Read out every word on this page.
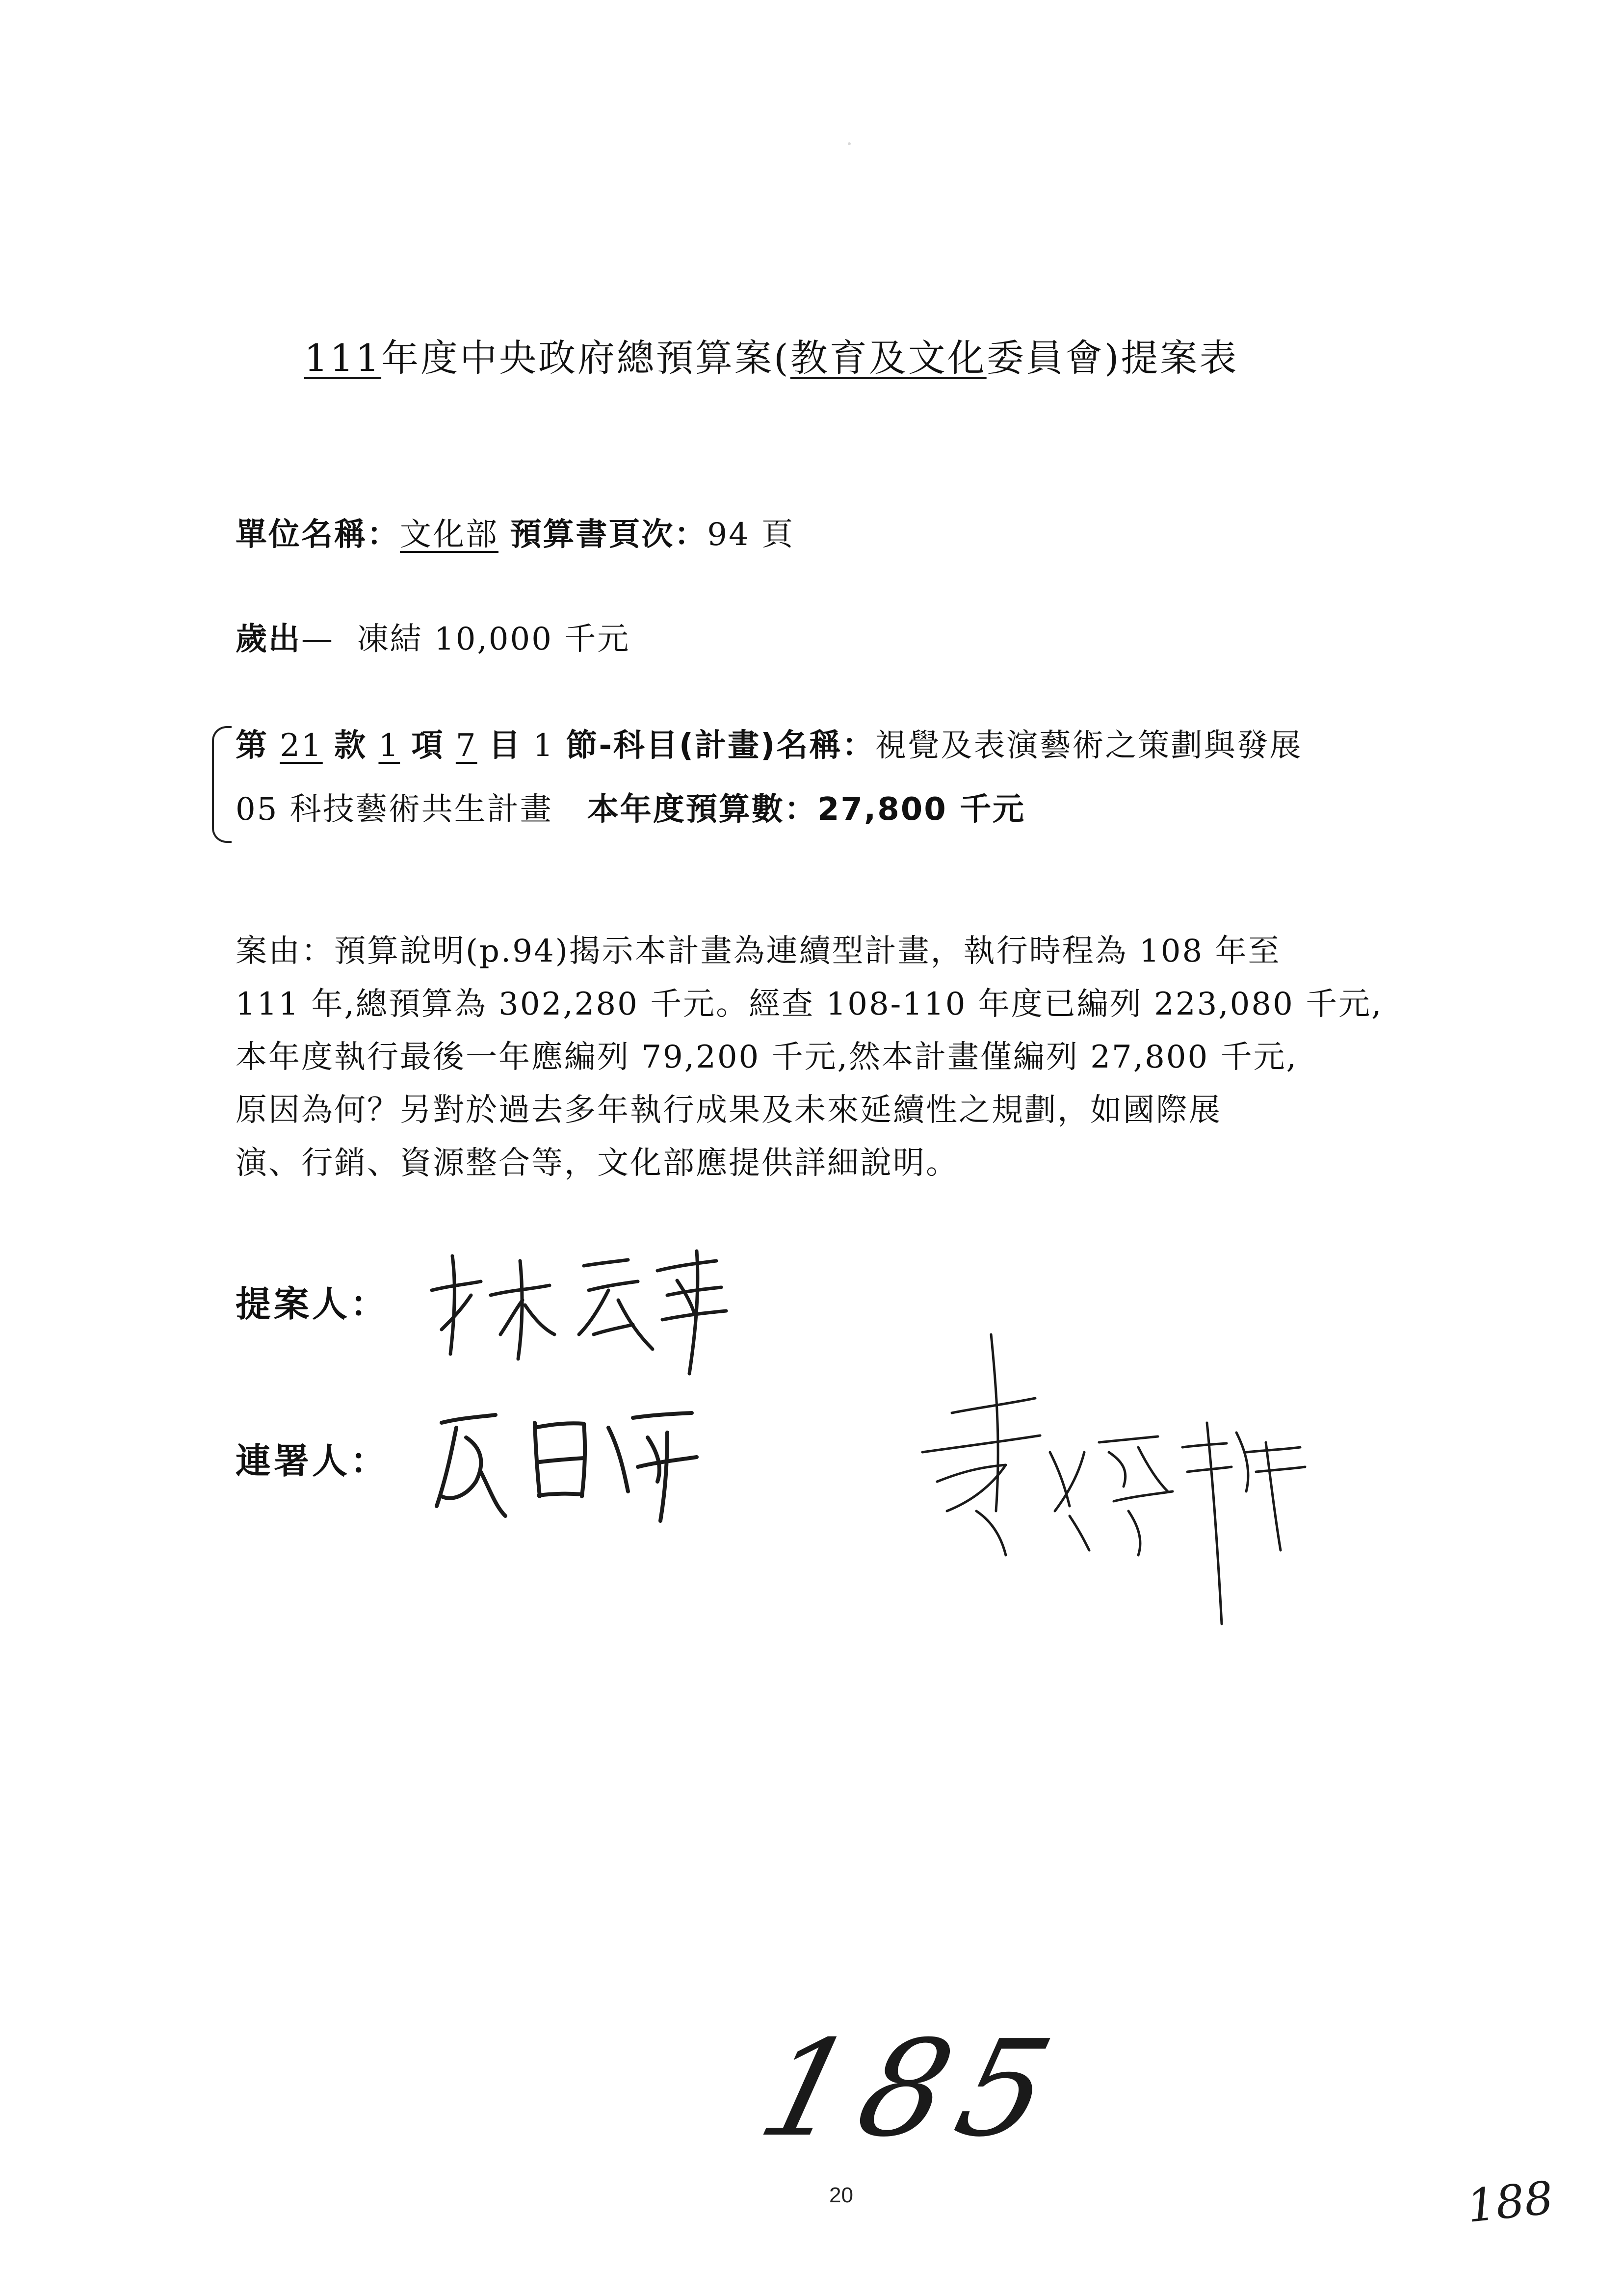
111年度中央政府總預算案(教育及文化委員會)提案表
單位名稱：文化部 預算書頁次：94 頁
歲出— 凍結 10,000 千元
第 21 款 1 項 7 目 1 節-科目(計畫)名稱：視覺及表演藝術之策劃與發展
05 科技藝術共生計畫 本年度預算數：27,800 千元

案由：預算說明(p.94)揭示本計畫為連續型計畫，執行時程為 108 年至

111 年,總預算為 302,280 千元。經查 108-110 年度已編列 223,080 千元,

本年度執行最後一年應編列 79,200 千元,然本計畫僅編列 27,800 千元,

原因為何？另對於過去多年執行成果及未來延續性之規劃，如國際展

演、行銷、資源整合等，文化部應提供詳細說明。

提案人：
連署人：
185
20	188
